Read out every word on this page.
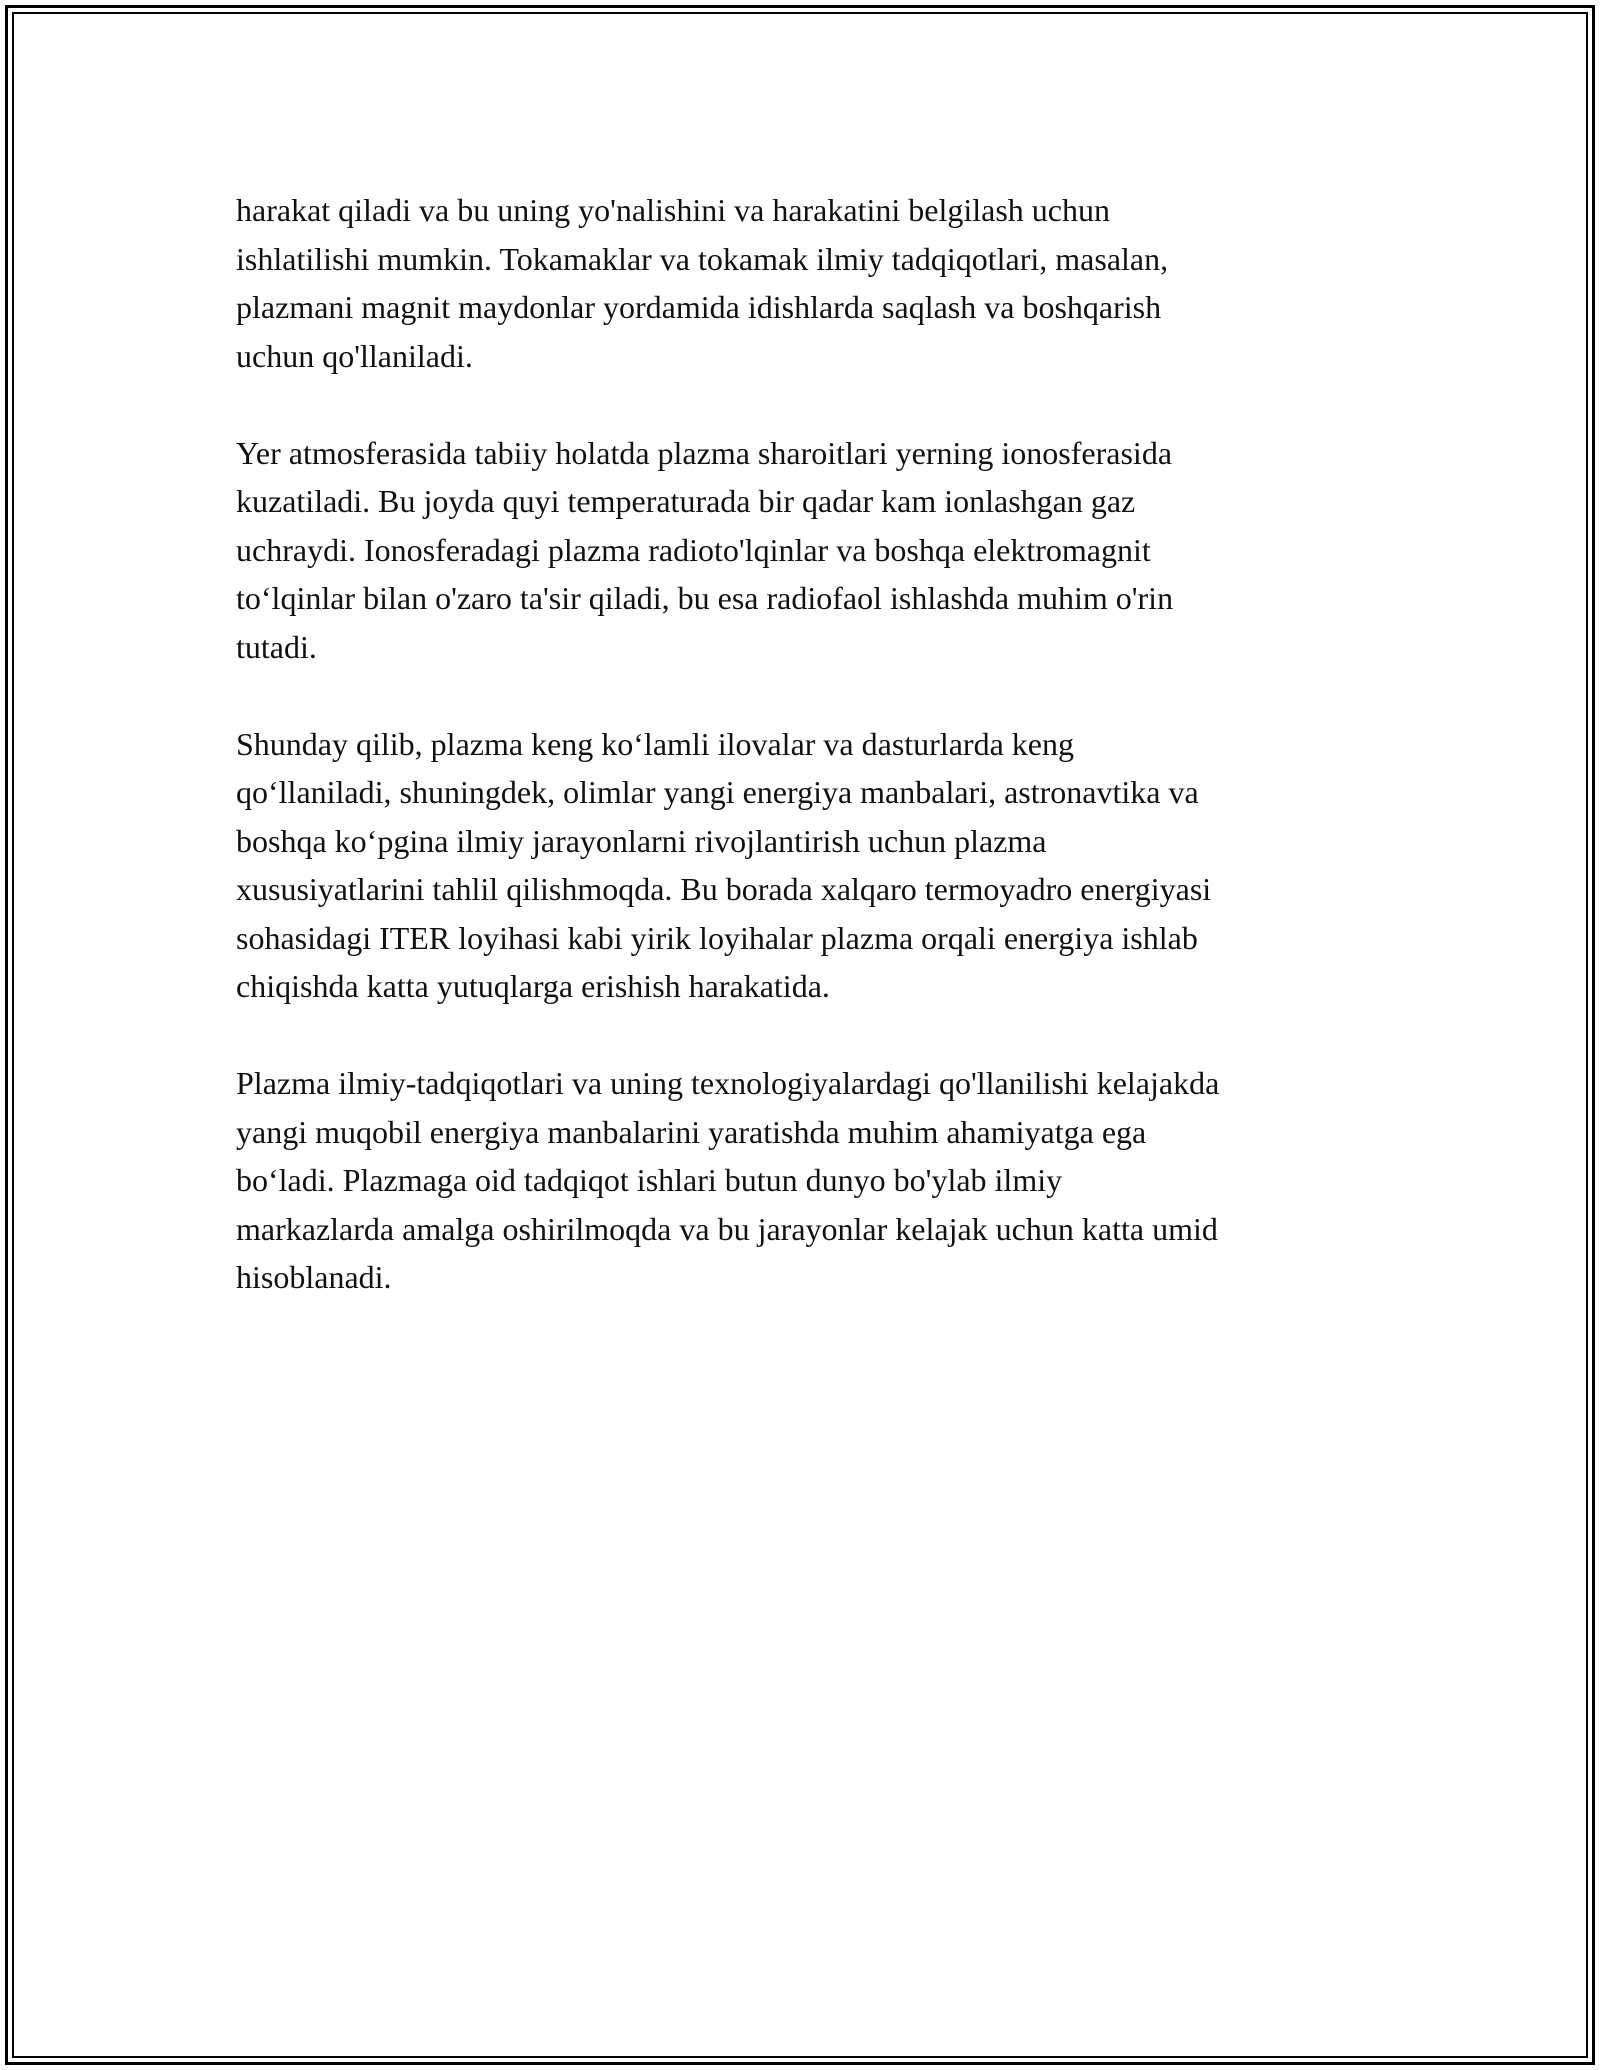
harakat qiladi va bu uning yo'nalishini va harakatini belgilash uchun
ishlatilishi mumkin. Tokamaklar va tokamak ilmiy tadqiqotlari, masalan,
plazmani magnit maydonlar yordamida idishlarda saqlash va boshqarish
uchun qo'llaniladi.

Yer atmosferasida tabiiy holatda plazma sharoitlari yerning ionosferasida
kuzatiladi. Bu joyda quyi temperaturada bir qadar kam ionlashgan gaz
uchraydi. Ionosferadagi plazma radioto'lqinlar va boshqa elektromagnit
to‘lqinlar bilan o'zaro ta'sir qiladi, bu esa radiofaol ishlashda muhim o'rin
tutadi.

Shunday qilib, plazma keng ko‘lamli ilovalar va dasturlarda keng
qo‘llaniladi, shuningdek, olimlar yangi energiya manbalari, astronavtika va
boshqa ko‘pgina ilmiy jarayonlarni rivojlantirish uchun plazma
xususiyatlarini tahlil qilishmoqda. Bu borada xalqaro termoyadro energiyasi
sohasidagi ITER loyihasi kabi yirik loyihalar plazma orqali energiya ishlab
chiqishda katta yutuqlarga erishish harakatida.

Plazma ilmiy-tadqiqotlari va uning texnologiyalardagi qo'llanilishi kelajakda
yangi muqobil energiya manbalarini yaratishda muhim ahamiyatga ega
bo‘ladi. Plazmaga oid tadqiqot ishlari butun dunyo bo'ylab ilmiy
markazlarda amalga oshirilmoqda va bu jarayonlar kelajak uchun katta umid
hisoblanadi.
